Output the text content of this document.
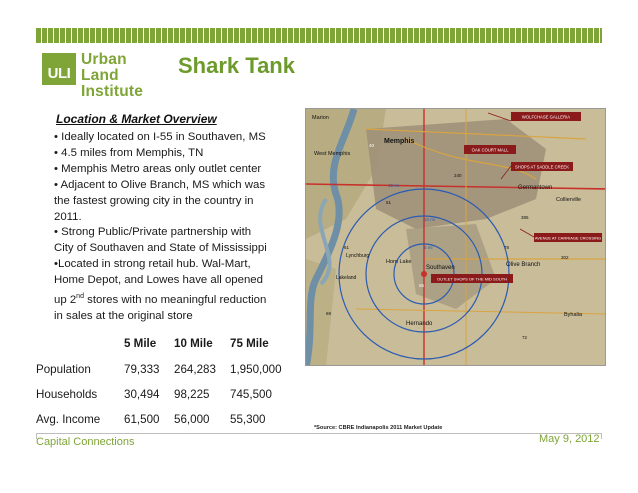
ULI
Urban Land
Institute
Shark Tank
Location & Market Overview

• Ideally located on I-55 in Southaven, MS

• 4.5 miles from Memphis, TN

• Memphis Metro areas only outlet center

• Adjacent to Olive Branch, MS which was

the fastest growing city in the country in

2011.

• Strong Public/Private partnership with

City of Southaven and State of Mississippi

•Located in strong retail hub. Wal-Mart,

Home Depot, and Lowes have all opened

up 2nd stores with no meaningful reduction

in sales at the original store

5 Mile 10 Mile 75 Mile
Population	79,333 264,283 1,950,000
Households 30,494 98,225 745,500
Avg. Income 61,500 56,000 55,300
Marion
Memphis
West Memphis
Germantown
Collierville
Olive Branch
Southaven
Horn Lake
Hernando
Byhalia
Lynchburg
Lakeland
5 mi
10 mi
15 mi
40
240
55
78
385
302
51
61
72
69
WOLFCHASE GALLERIA
OAK COURT MALL
SHOPS AT SADDLE CREEK
AVENUE AT CARRIAGE CROSSING
OUTLET SHOPS OF THE MID SOUTH
*Source: CBRE Indianapolis 2011 Market Update
Capital Connections	May 9, 2012
